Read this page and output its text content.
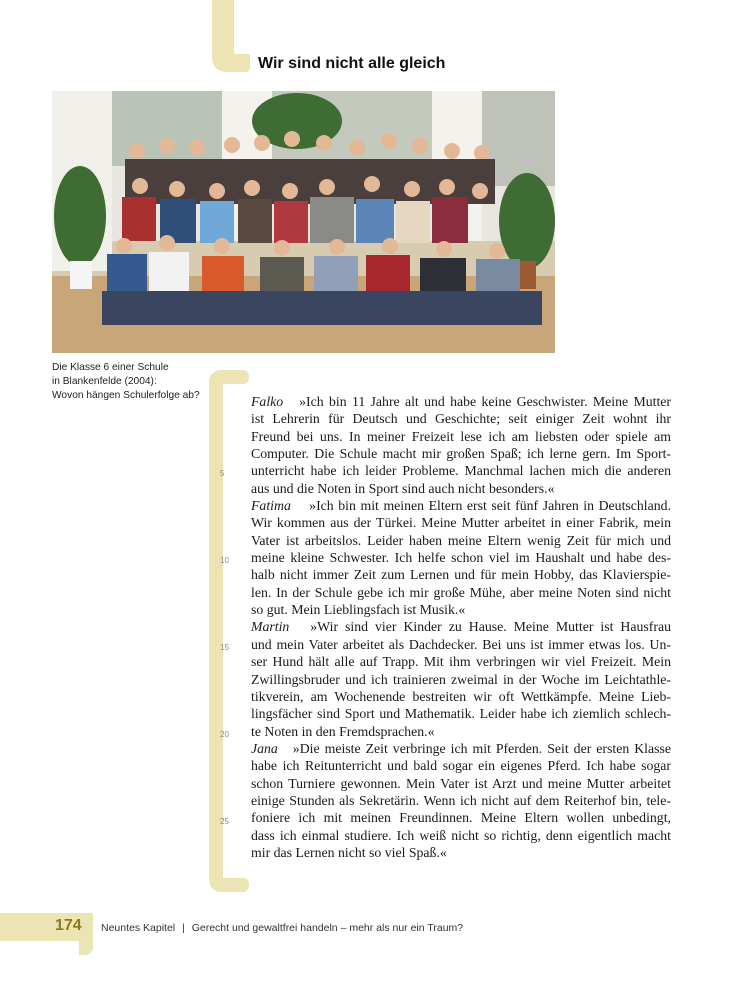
Wir sind nicht alle gleich
Die Klasse 6 einer Schule
in Blankenfelde (2004):
Wovon hängen Schulerfolge ab?
5
10
15
20
25
Falko »Ich bin 11 Jahre alt und habe keine Geschwister. Meine Mutter
ist Lehrerin für Deutsch und Geschichte; seit einiger Zeit wohnt ihr
Freund bei uns. In meiner Freizeit lese ich am liebsten oder spiele am
Computer. Die Schule macht mir großen Spaß; ich lerne gern. Im Sport-
unterricht habe ich leider Probleme. Manchmal lachen mich die anderen
aus und die Noten in Sport sind auch nicht besonders.«
Fatima »Ich bin mit meinen Eltern erst seit fünf Jahren in Deutschland.
Wir kommen aus der Türkei. Meine Mutter arbeitet in einer Fabrik, mein
Vater ist arbeitslos. Leider haben meine Eltern wenig Zeit für mich und
meine kleine Schwester. Ich helfe schon viel im Haushalt und habe des-
halb nicht immer Zeit zum Lernen und für mein Hobby, das Klavierspie-
len. In der Schule gebe ich mir große Mühe, aber meine Noten sind nicht
so gut. Mein Lieblingsfach ist Musik.«
Martin »Wir sind vier Kinder zu Hause. Meine Mutter ist Hausfrau
und mein Vater arbeitet als Dachdecker. Bei uns ist immer etwas los. Un-
ser Hund hält alle auf Trapp. Mit ihm verbringen wir viel Freizeit. Mein
Zwillingsbruder und ich trainieren zweimal in der Woche im Leichtathle-
tikverein, am Wochenende bestreiten wir oft Wettkämpfe. Meine Lieb-
lingsfächer sind Sport und Mathematik. Leider habe ich ziemlich schlech-
te Noten in den Fremdsprachen.«
Jana »Die meiste Zeit verbringe ich mit Pferden. Seit der ersten Klasse
habe ich Reitunterricht und bald sogar ein eigenes Pferd. Ich habe sogar
schon Turniere gewonnen. Mein Vater ist Arzt und meine Mutter arbeitet
einige Stunden als Sekretärin. Wenn ich nicht auf dem Reiterhof bin, tele-
foniere ich mit meinen Freundinnen. Meine Eltern wollen unbedingt,
dass ich einmal studiere. Ich weiß nicht so richtig, denn eigentlich macht
mir das Lernen nicht so viel Spaß.«
174 Neuntes Kapitel | Gerecht und gewaltfrei handeln – mehr als nur ein Traum?
